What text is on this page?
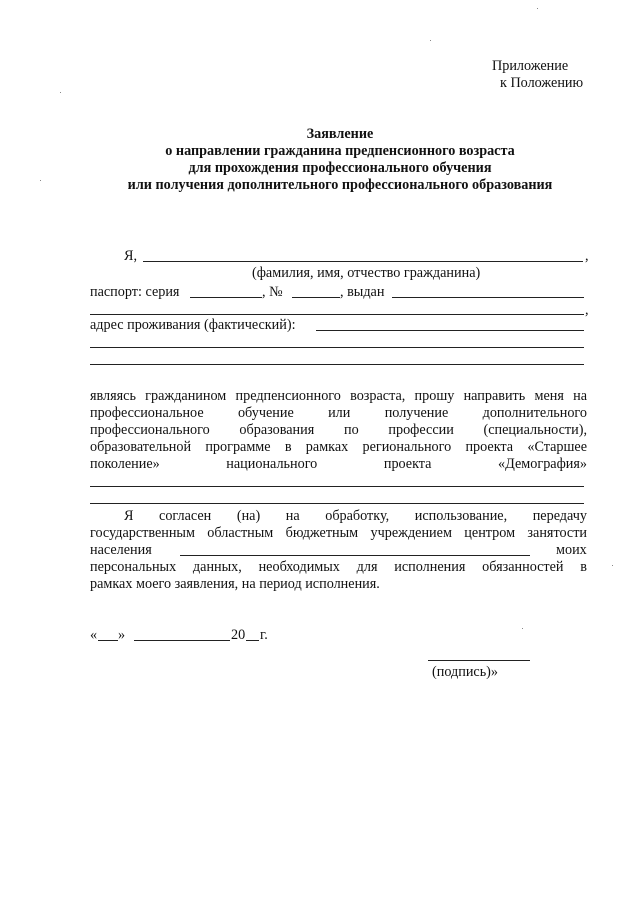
Приложение
к Положению
Заявление
о направлении гражданина предпенсионного возраста
для прохождения профессионального обучения
или получения дополнительного профессионального образования
Я,	,
(фамилия, имя, отчество гражданина)
паспорт: серия	, №	, выдан
,
адрес проживания (фактический):
являясь гражданином предпенсионного возраста, прошу направить меня на
профессиональное обучение или получение дополнительного
профессионального образования по профессии (специальности),
образовательной программе в рамках регионального проекта «Старшее
поколение» национального проекта «Демография»
Я согласен (на) на обработку, использование, передачу
государственным областным бюджетным учреждением центром занятости
населения	моих
персональных данных, необходимых для исполнения обязанностей в
рамках моего заявления, на период исполнения.
« »	20 г.
(подпись)»
